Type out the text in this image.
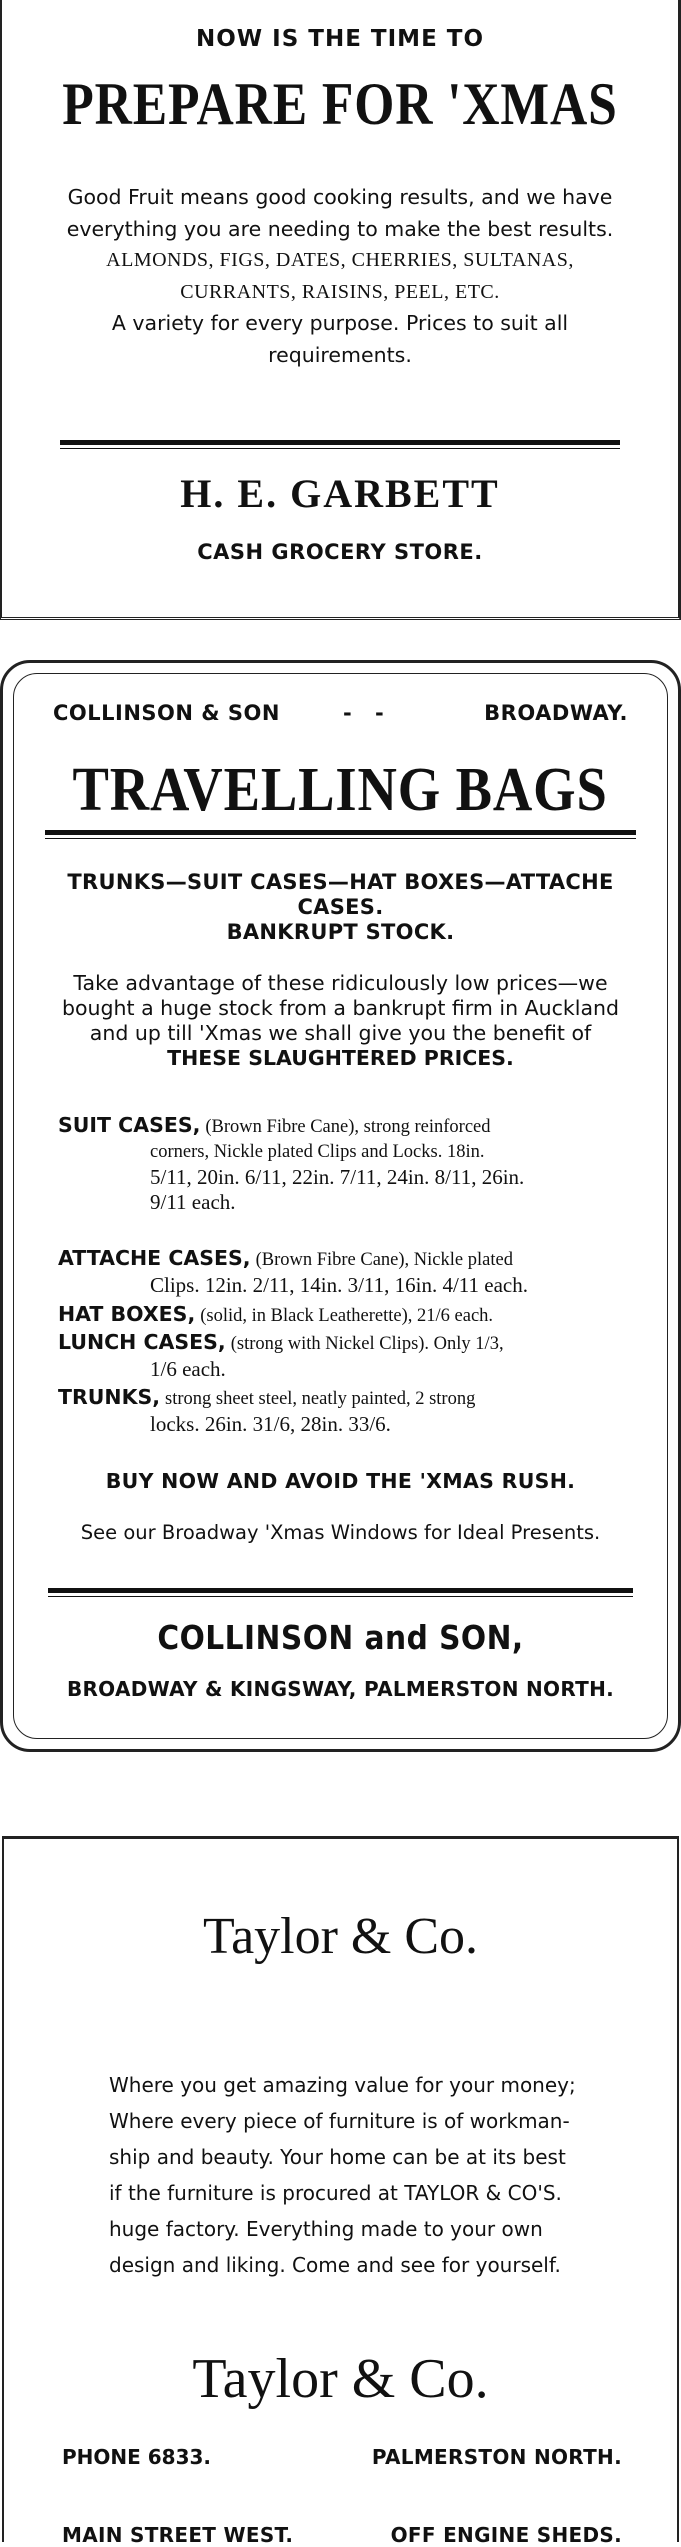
NOW IS THE TIME TO
PREPARE FOR 'XMAS
Good Fruit means good cooking results, and we have
everything you are needing to make the best results.
ALMONDS, FIGS, DATES, CHERRIES, SULTANAS,
CURRANTS, RAISINS, PEEL, ETC.
A variety for every purpose. Prices to suit all
requirements.
H. E. GARBETT
CASH GROCERY STORE.
COLLINSON & SON	- -	BROADWAY.
TRAVELLING BAGS
TRUNKS—SUIT CASES—HAT BOXES—ATTACHE
CASES.
BANKRUPT STOCK.
Take advantage of these ridiculously low prices—we
bought a huge stock from a bankrupt firm in Auckland
and up till 'Xmas we shall give you the benefit of
THESE SLAUGHTERED PRICES.
SUIT CASES, (Brown Fibre Cane), strong reinforced
corners, Nickle plated Clips and Locks. 18in.
5/11, 20in. 6/11, 22in. 7/11, 24in. 8/11, 26in.
9/11 each.
ATTACHE CASES, (Brown Fibre Cane), Nickle plated
Clips. 12in. 2/11, 14in. 3/11, 16in. 4/11 each.
HAT BOXES, (solid, in Black Leatherette), 21/6 each.
LUNCH CASES, (strong with Nickel Clips). Only 1/3,
1/6 each.
TRUNKS, strong sheet steel, neatly painted, 2 strong
locks. 26in. 31/6, 28in. 33/6.
BUY NOW AND AVOID THE 'XMAS RUSH.
See our Broadway 'Xmas Windows for Ideal Presents.
COLLINSON and SON,
BROADWAY & KINGSWAY, PALMERSTON NORTH.
Taylor & Co.
Where you get amazing value for your money;
Where every piece of furniture is of workman-
ship and beauty. Your home can be at its best
if the furniture is procured at TAYLOR & CO'S.
huge factory. Everything made to your own
design and liking. Come and see for yourself.
Taylor & Co.
PHONE 6833.	PALMERSTON NORTH.
MAIN STREET WEST.	OFF ENGINE SHEDS.
